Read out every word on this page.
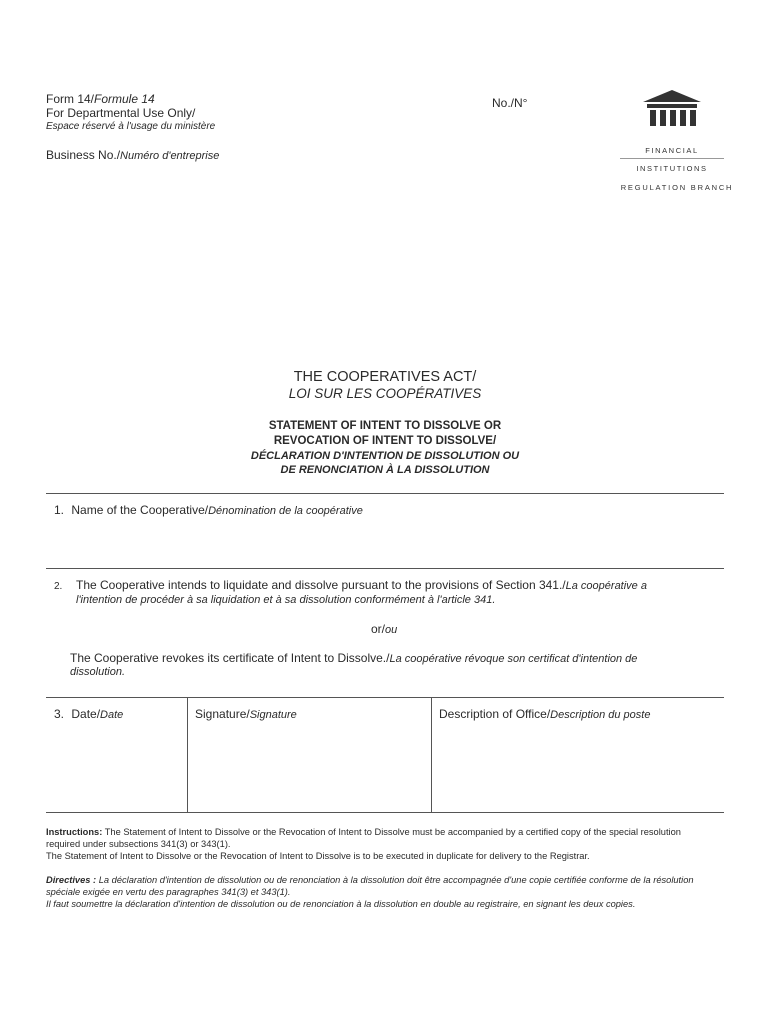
Form 14/Formule 14
For Departmental Use Only/
Espace réservé à l'usage du ministère
Business No./Numéro d'entreprise
No./N°
FINANCIAL
INSTITUTIONS
REGULATION BRANCH
THE COOPERATIVES ACT/
LOI SUR LES COOPÉRATIVES
STATEMENT OF INTENT TO DISSOLVE OR
REVOCATION OF INTENT TO DISSOLVE/
DÉCLARATION D'INTENTION DE DISSOLUTION OU
DE RENONCIATION À LA DISSOLUTION
1. Name of the Cooperative/Dénomination de la coopérative
2. The Cooperative intends to liquidate and dissolve pursuant to the provisions of Section 341./La coopérative a
l'intention de procéder à sa liquidation et à sa dissolution conformément à l'article 341.
or/ou
The Cooperative revokes its certificate of Intent to Dissolve./La coopérative révoque son certificat d'intention de
dissolution.
3. Date/Date	Signature/Signature	Description of Office/Description du poste
Instructions: The Statement of Intent to Dissolve or the Revocation of Intent to Dissolve must be accompanied by a certified copy of the special resolution
required under subsections 341(3) or 343(1).
The Statement of Intent to Dissolve or the Revocation of Intent to Dissolve is to be executed in duplicate for delivery to the Registrar.
Directives : La déclaration d'intention de dissolution ou de renonciation à la dissolution doit être accompagnée d'une copie certifiée conforme de la résolution
spéciale exigée en vertu des paragraphes 341(3) et 343(1).
Il faut soumettre la déclaration d'intention de dissolution ou de renonciation à la dissolution en double au registraire, en signant les deux copies.
